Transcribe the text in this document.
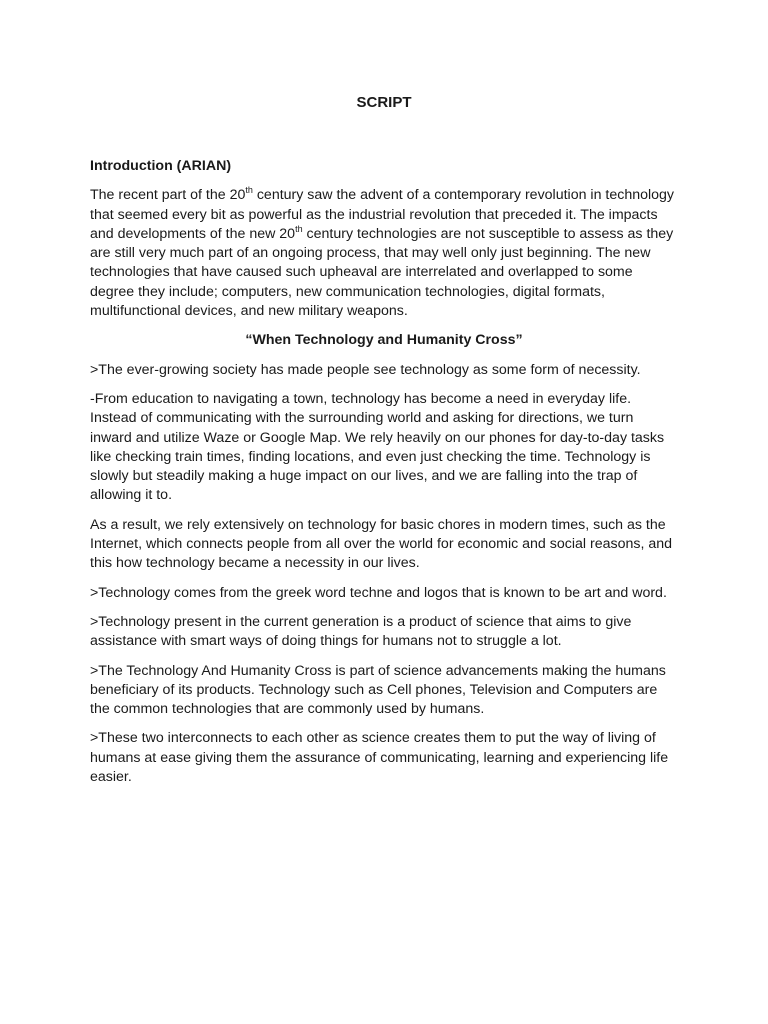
SCRIPT
Introduction (ARIAN)

The recent part of the 20th century saw the advent of a contemporary revolution in technology that seemed every bit as powerful as the industrial revolution that preceded it. The impacts and developments of the new 20th century technologies are not susceptible to assess as they are still very much part of an ongoing process, that may well only just beginning. The new technologies that have caused such upheaval are interrelated and overlapped to some degree they include; computers, new communication technologies, digital formats, multifunctional devices, and new military weapons.

“When Technology and Humanity Cross”

>The ever-growing society has made people see technology as some form of necessity.

-From education to navigating a town, technology has become a need in everyday life. Instead of communicating with the surrounding world and asking for directions, we turn inward and utilize Waze or Google Map. We rely heavily on our phones for day-to-day tasks like checking train times, finding locations, and even just checking the time. Technology is slowly but steadily making a huge impact on our lives, and we are falling into the trap of allowing it to.

As a result, we rely extensively on technology for basic chores in modern times, such as the Internet, which connects people from all over the world for economic and social reasons, and this how technology became a necessity in our lives.

>Technology comes from the greek word techne and logos that is known to be art and word.

>Technology present in the current generation is a product of science that aims to give assistance with smart ways of doing things for humans not to struggle a lot.

>The Technology And Humanity Cross is part of science advancements making the humans beneficiary of its products. Technology such as Cell phones, Television and Computers are the common technologies that are commonly used by humans.

>These two interconnects to each other as science creates them to put the way of living of humans at ease giving them the assurance of communicating, learning and experiencing life easier.
